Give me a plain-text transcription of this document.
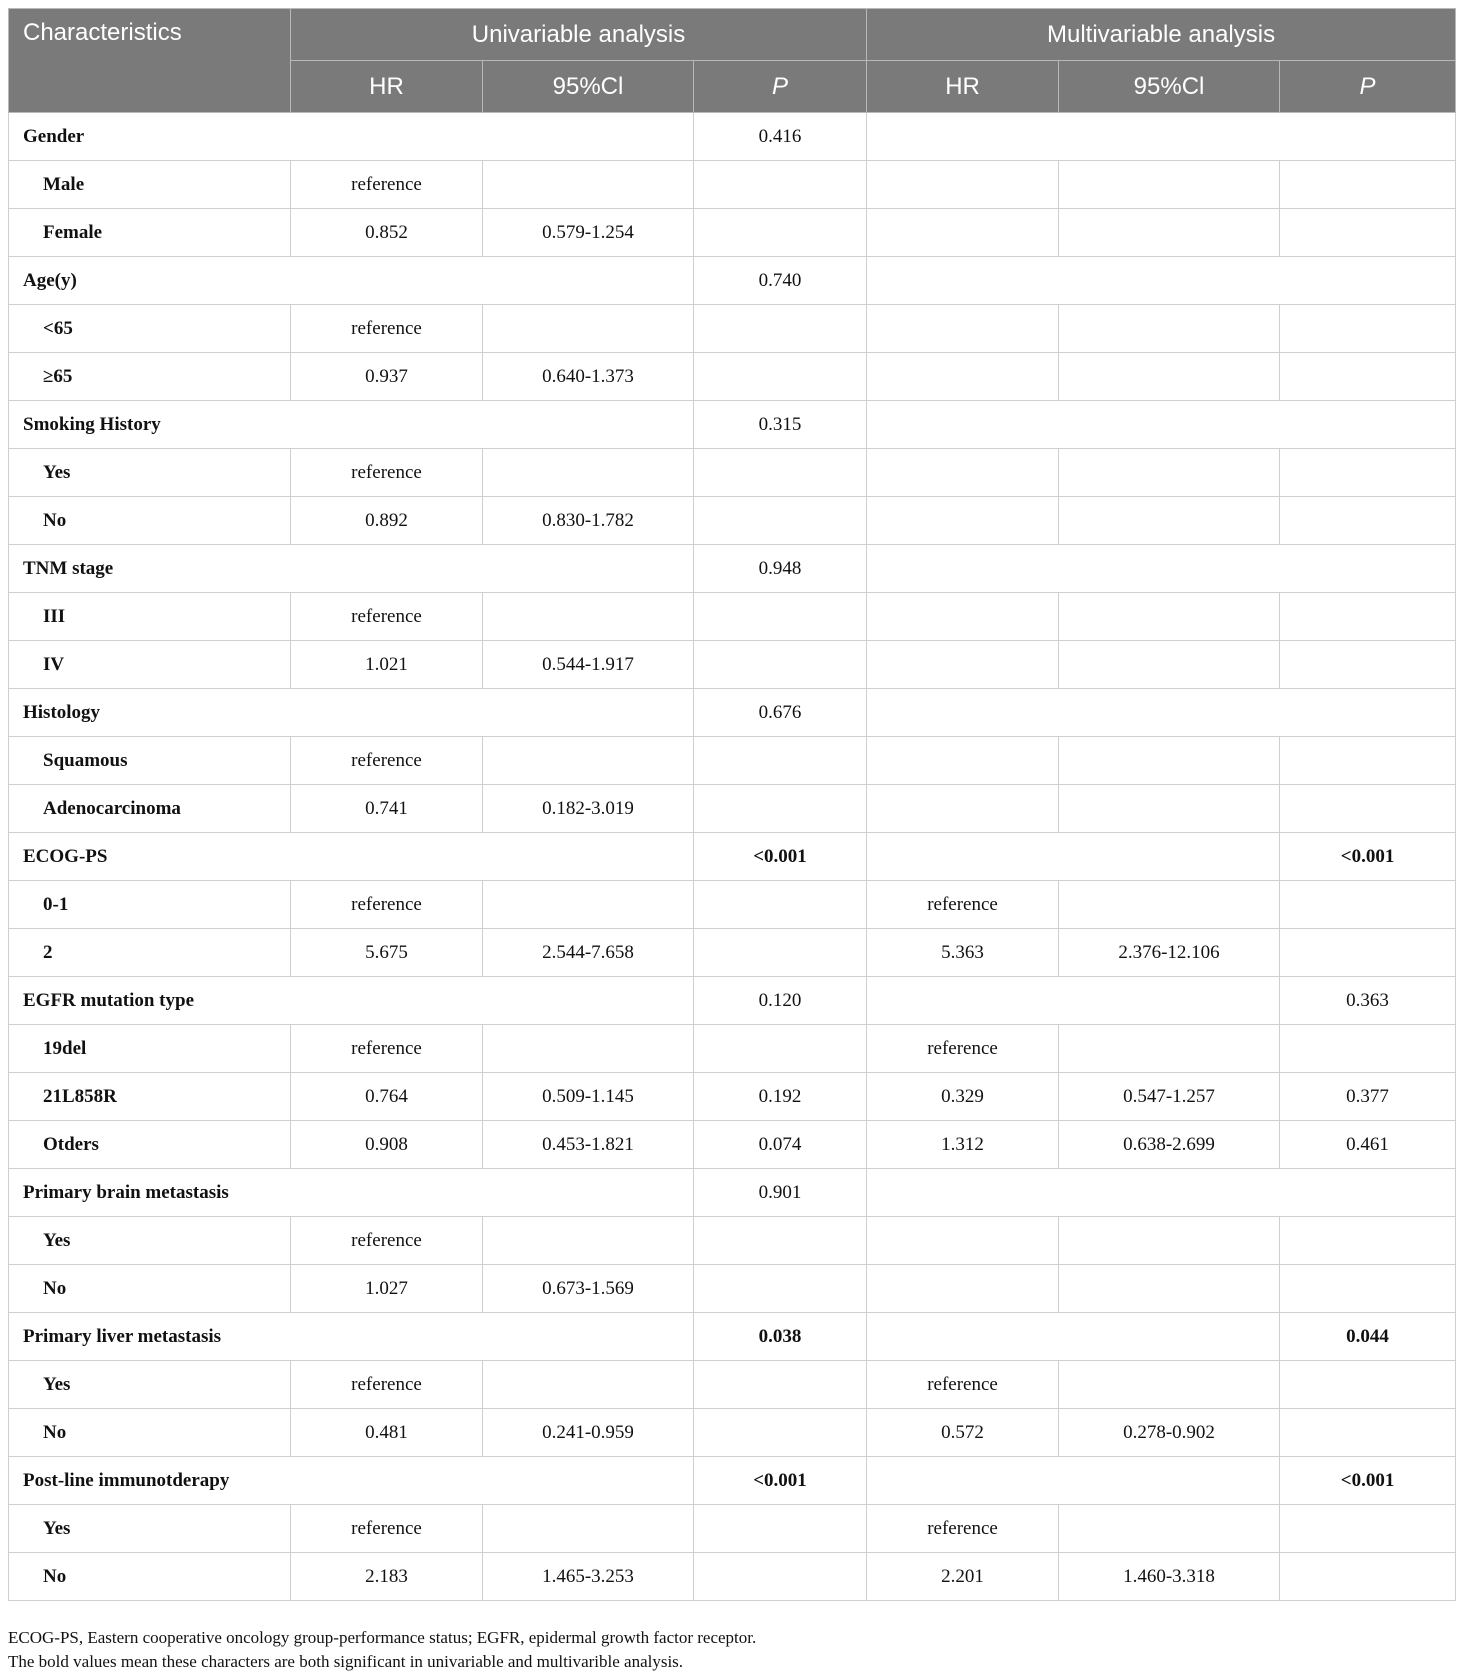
Characteristics	Univariable analysis			Multivariable analysis		
	HR	95%Cl	P	HR	95%Cl	P
Gender			0.416			
Male	reference					
Female	0.852	0.579-1.254				
Age(y)			0.740			
<65	reference					
≥65	0.937	0.640-1.373				
Smoking History			0.315			
Yes	reference					
No	0.892	0.830-1.782				
TNM stage			0.948			
III	reference					
IV	1.021	0.544-1.917				
Histology			0.676			
Squamous	reference					
Adenocarcinoma	0.741	0.182-3.019				
ECOG-PS			<0.001			<0.001
0-1	reference			reference		
2	5.675	2.544-7.658		5.363	2.376-12.106	
EGFR mutation type			0.120			0.363
19del	reference			reference		
21L858R	0.764	0.509-1.145	0.192	0.329	0.547-1.257	0.377
Otders	0.908	0.453-1.821	0.074	1.312	0.638-2.699	0.461
Primary brain metastasis			0.901			
Yes	reference					
No	1.027	0.673-1.569				
Primary liver metastasis			0.038			0.044
Yes	reference			reference		
No	0.481	0.241-0.959		0.572	0.278-0.902	
Post-line immunotderapy			<0.001			<0.001
Yes	reference			reference		
No	2.183	1.465-3.253		2.201	1.460-3.318	
ECOG-PS, Eastern cooperative oncology group-performance status; EGFR, epidermal growth factor receptor.
The bold values mean these characters are both significant in univariable and multivarible analysis.
